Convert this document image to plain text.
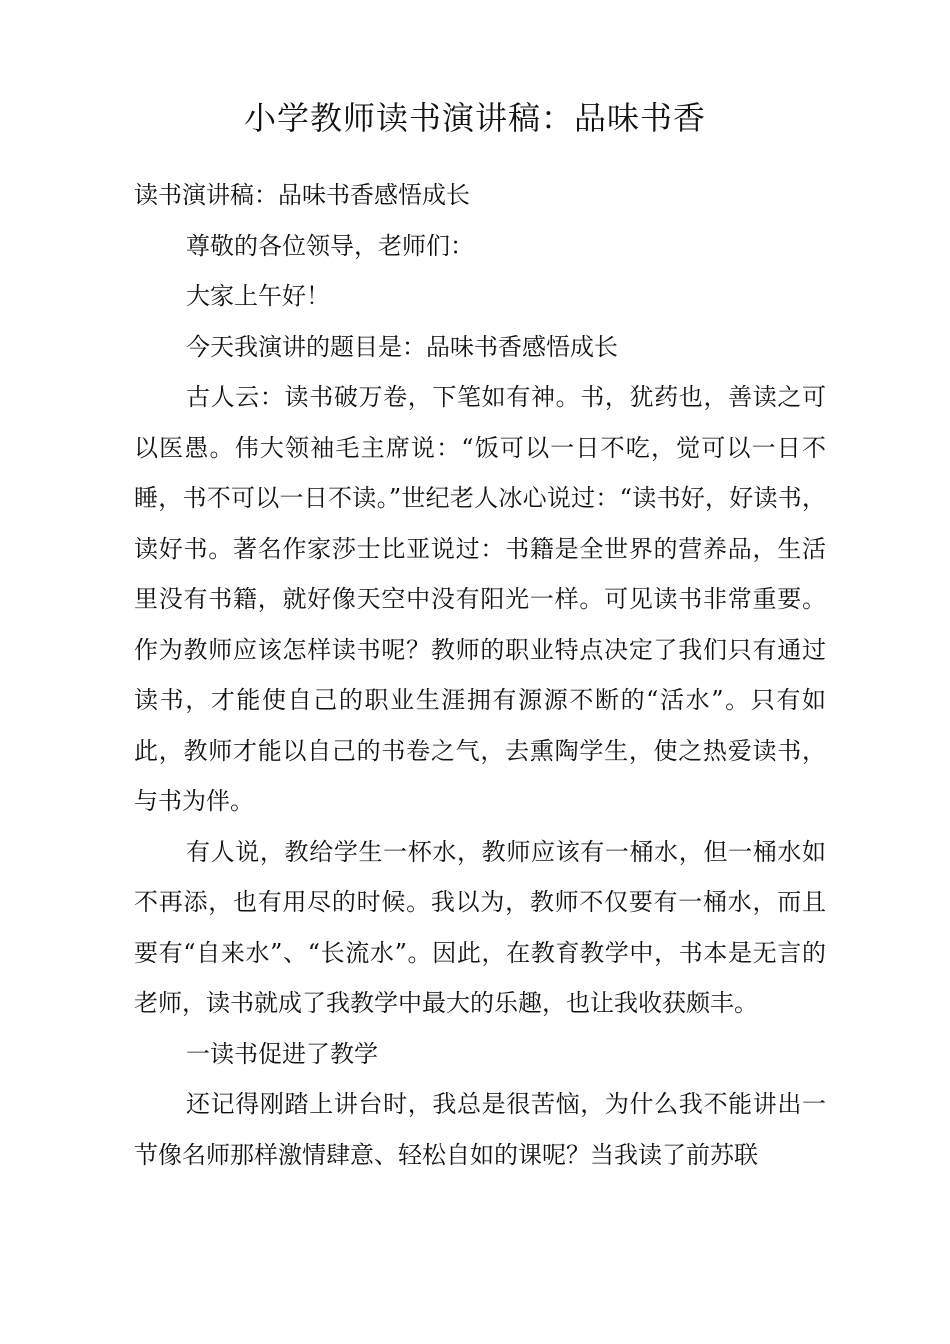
小学教师读书演讲稿：品味书香

读书演讲稿：品味书香感悟成长

尊敬的各位领导，老师们：

大家上午好！

今天我演讲的题目是：品味书香感悟成长

古人云：读书破万卷，下笔如有神。书，犹药也，善读之可以医愚。伟大领袖毛主席说：“饭可以一日不吃，觉可以一日不睡，书不可以一日不读。”世纪老人冰心说过：“读书好，好读书，读好书。著名作家莎士比亚说过：书籍是全世界的营养品，生活里没有书籍，就好像天空中没有阳光一样。可见读书非常重要。作为教师应该怎样读书呢？教师的职业特点决定了我们只有通过读书，才能使自己的职业生涯拥有源源不断的“活水”。只有如此，教师才能以自己的书卷之气，去熏陶学生，使之热爱读书，与书为伴。

有人说，教给学生一杯水，教师应该有一桶水，但一桶水如不再添，也有用尽的时候。我以为，教师不仅要有一桶水，而且要有“自来水”、“长流水”。因此，在教育教学中，书本是无言的老师，读书就成了我教学中最大的乐趣，也让我收获颇丰。

一读书促进了教学

还记得刚踏上讲台时，我总是很苦恼，为什么我不能讲出一节像名师那样激情肆意、轻松自如的课呢？当我读了前苏联
